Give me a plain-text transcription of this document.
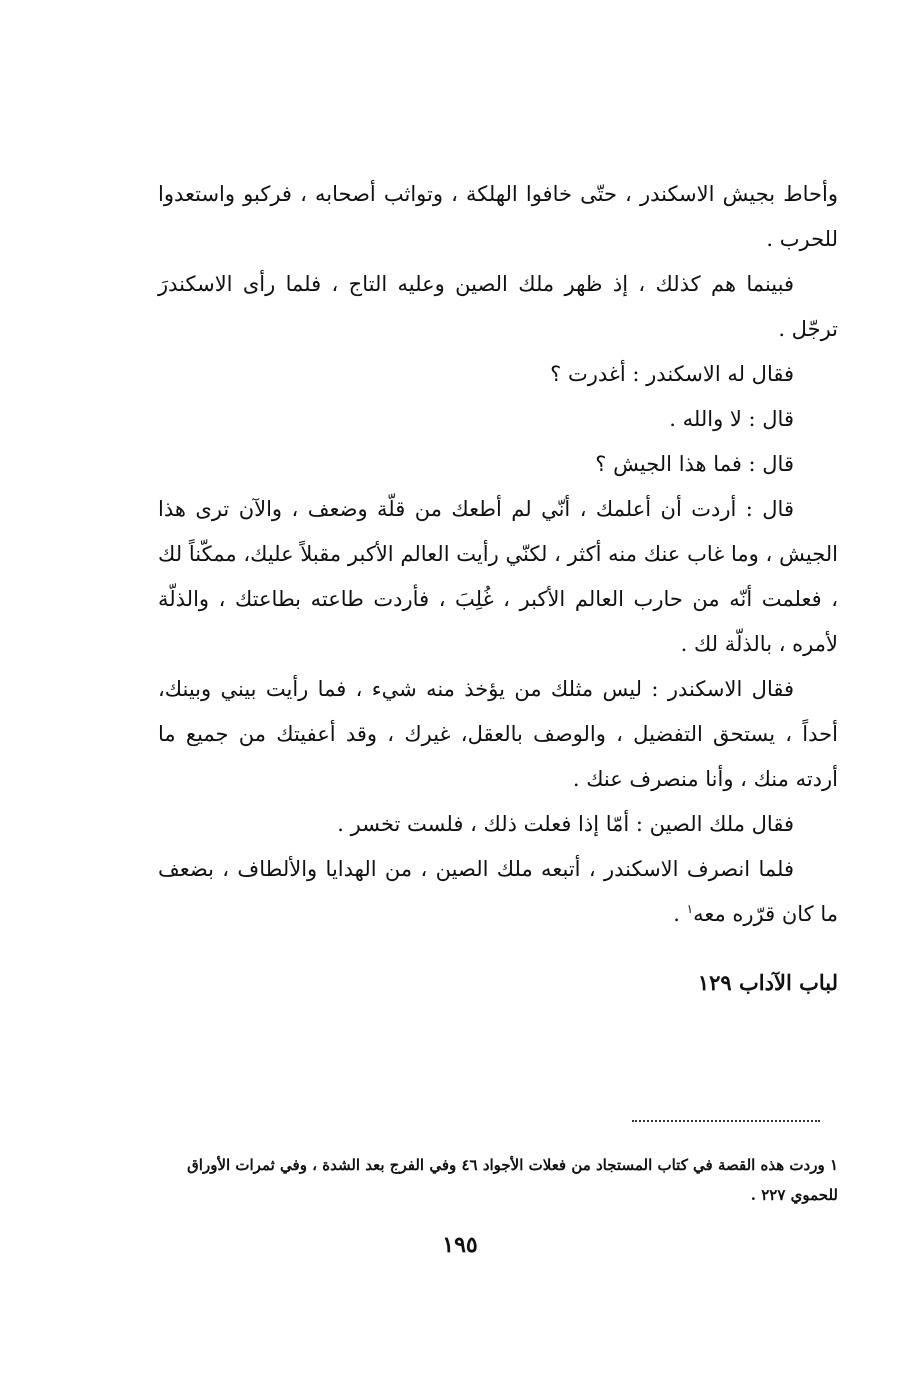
وأحاط بجيش الاسكندر ، حتّى خافوا الهلكة ، وتواثب أصحابه ، فركبو واستعدوا للحرب .

فبينما هم كذلك ، إذ ظهر ملك الصين وعليه التاج ، فلما رأى الاسكندرَ ترجّل .

فقال له الاسكندر : أغدرت ؟

قال : لا والله .

قال : فما هذا الجيش ؟

قال : أردت أن أعلمك ، أنّي لم أطعك من قلّة وضعف ، والآن ترى هذا الجيش ، وما غاب عنك منه أكثر ، لكنّي رأيت العالم الأكبر مقبلاً عليك، ممكّناً لك ، فعلمت أنّه من حارب العالم الأكبر ، غُلِبَ ، فأردت طاعته بطاعتك ، والذلّة لأمره ، بالذلّة لك .

فقال الاسكندر : ليس مثلك من يؤخذ منه شيء ، فما رأيت بيني وبينك، أحداً ، يستحق التفضيل ، والوصف بالعقل، غيرك ، وقد أعفيتك من جميع ما أردته منك ، وأنا منصرف عنك .

فقال ملك الصين : أمّا إذا فعلت ذلك ، فلست تخسر .

فلما انصرف الاسكندر ، أتبعه ملك الصين ، من الهدايا والألطاف ، بضعف ما كان قرّره معه$^١$ .

لباب الآداب ١٢٩
١ وردت هذه القصة في كتاب المستجاد من فعلات الأجواد ٤٦ وفي الفرج بعد الشدة ، وفي ثمرات الأوراق للحموي ٢٢٧ .
١٩٥
